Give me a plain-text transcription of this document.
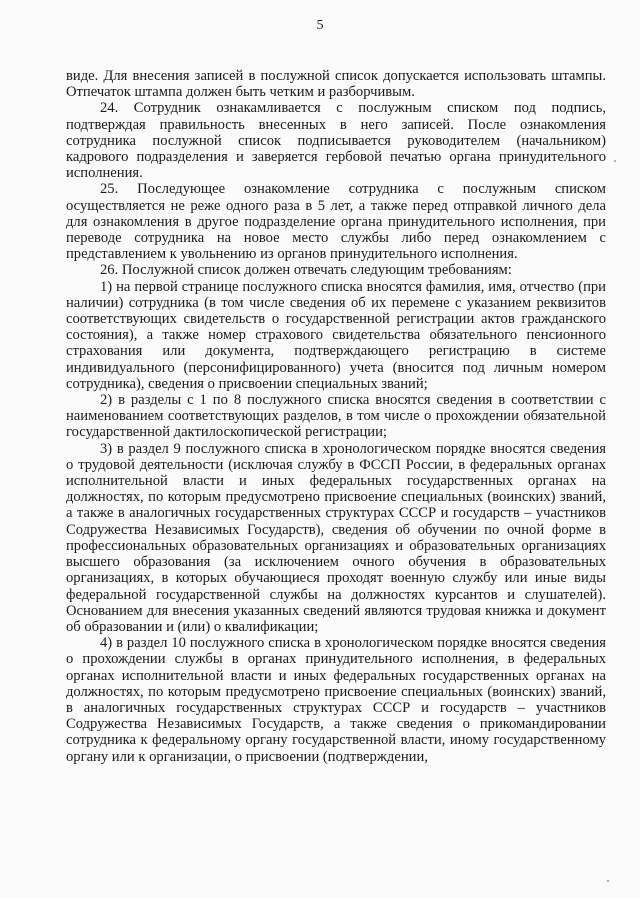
5

виде. Для внесения записей в послужной список допускается использовать штампы. Отпечаток штампа должен быть четким и разборчивым.

24. Сотрудник ознакамливается с послужным списком под подпись, подтверждая правильность внесенных в него записей. После ознакомления сотрудника послужной список подписывается руководителем (начальником) кадрового подразделения и заверяется гербовой печатью органа принудительного исполнения.

25. Последующее ознакомление сотрудника с послужным списком осуществляется не реже одного раза в 5 лет, а также перед отправкой личного дела для ознакомления в другое подразделение органа принудительного исполнения, при переводе сотрудника на новое место службы либо перед ознакомлением с представлением к увольнению из органов принудительного исполнения.

26. Послужной список должен отвечать следующим требованиям:

1) на первой странице послужного списка вносятся фамилия, имя, отчество (при наличии) сотрудника (в том числе сведения об их перемене с указанием реквизитов соответствующих свидетельств о государственной регистрации актов гражданского состояния), а также номер страхового свидетельства обязательного пенсионного страхования или документа, подтверждающего регистрацию в системе индивидуального (персонифицированного) учета (вносится под личным номером сотрудника), сведения о присвоении специальных званий;

2) в разделы с 1 по 8 послужного списка вносятся сведения в соответствии с наименованием соответствующих разделов, в том числе о прохождении обязательной государственной дактилоскопической регистрации;

3) в раздел 9 послужного списка в хронологическом порядке вносятся сведения о трудовой деятельности (исключая службу в ФССП России, в федеральных органах исполнительной власти и иных федеральных государственных органах на должностях, по которым предусмотрено присвоение специальных (воинских) званий, а также в аналогичных государственных структурах СССР и государств – участников Содружества Независимых Государств), сведения об обучении по очной форме в профессиональных образовательных организациях и образовательных организациях высшего образования (за исключением очного обучения в образовательных организациях, в которых обучающиеся проходят военную службу или иные виды федеральной государственной службы на должностях курсантов и слушателей). Основанием для внесения указанных сведений являются трудовая книжка и документ об образовании и (или) о квалификации;

4) в раздел 10 послужного списка в хронологическом порядке вносятся сведения о прохождении службы в органах принудительного исполнения, в федеральных органах исполнительной власти и иных федеральных государственных органах на должностях, по которым предусмотрено присвоение специальных (воинских) званий, в аналогичных государственных структурах СССР и государств – участников Содружества Независимых Государств, а также сведения о прикомандировании сотрудника к федеральному органу государственной власти, иному государственному органу или к организации, о присвоении (подтверждении,
